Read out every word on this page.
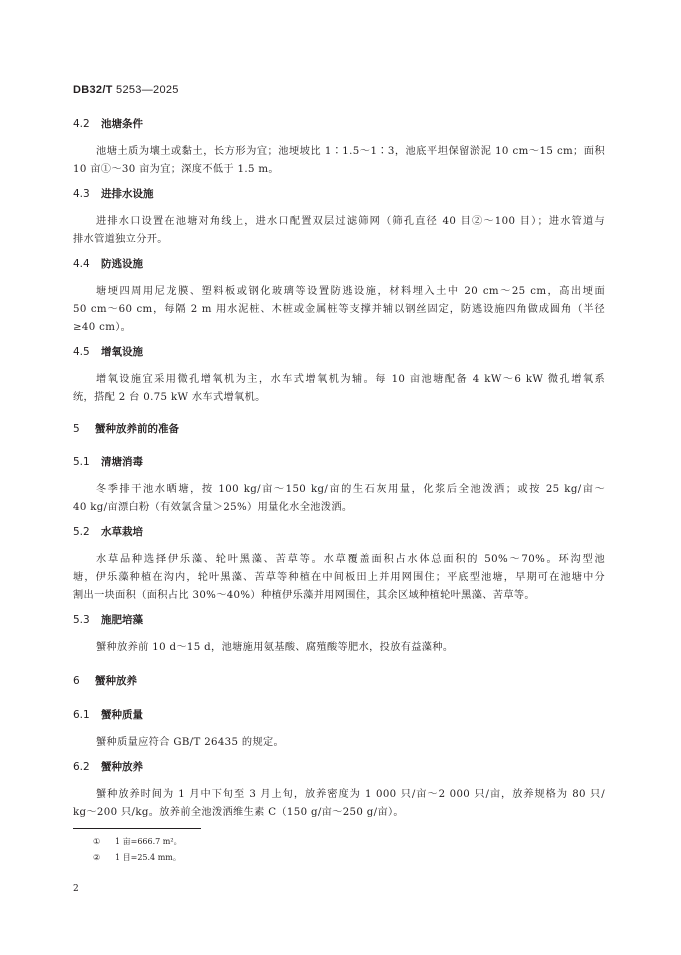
DB32/T 5253—2025
4.2 池塘条件
池塘土质为壤土或黏土，长方形为宜；池埂坡比 1∶1.5～1∶3，池底平坦保留淤泥 10 cm～15 cm；面积
10 亩①～30 亩为宜；深度不低于 1.5 m。
4.3 进排水设施
进排水口设置在池塘对角线上，进水口配置双层过滤筛网（筛孔直径 40 目②～100 目）；进水管道与
排水管道独立分开。
4.4 防逃设施
塘埂四周用尼龙膜、塑料板或钢化玻璃等设置防逃设施，材料埋入土中 20 cm～25 cm，高出埂面
50 cm～60 cm，每隔 2 m 用水泥桩、木桩或金属桩等支撑并辅以钢丝固定，防逃设施四角做成圆角（半径
≥40 cm）。
4.5 增氧设施
增氧设施宜采用微孔增氧机为主，水车式增氧机为辅。每 10 亩池塘配备 4 kW～6 kW 微孔增氧系
统，搭配 2 台 0.75 kW 水车式增氧机。
5 蟹种放养前的准备
5.1 清塘消毒
冬季排干池水晒塘，按 100 kg/亩～150 kg/亩的生石灰用量，化浆后全池泼洒；或按 25 kg/亩～
40 kg/亩漂白粉（有效氯含量＞25%）用量化水全池泼洒。
5.2 水草栽培
水草品种选择伊乐藻、轮叶黑藻、苦草等。水草覆盖面积占水体总面积的 50%～70%。环沟型池
塘，伊乐藻种植在沟内，轮叶黑藻、苦草等种植在中间板田上并用网围住；平底型池塘，早期可在池塘中分
割出一块面积（面积占比 30%～40%）种植伊乐藻并用网围住，其余区域种植轮叶黑藻、苦草等。
5.3 施肥培藻
蟹种放养前 10 d～15 d，池塘施用氨基酸、腐殖酸等肥水，投放有益藻种。
6 蟹种放养
6.1 蟹种质量
蟹种质量应符合 GB/T 26435 的规定。
6.2 蟹种放养
蟹种放养时间为 1 月中下旬至 3 月上旬，放养密度为 1 000 只/亩～2 000 只/亩，放养规格为 80 只/
kg～200 只/kg。放养前全池泼洒维生素 C（150 g/亩～250 g/亩）。
① 1 亩=666.7 m²。
② 1 目=25.4 mm。
2
